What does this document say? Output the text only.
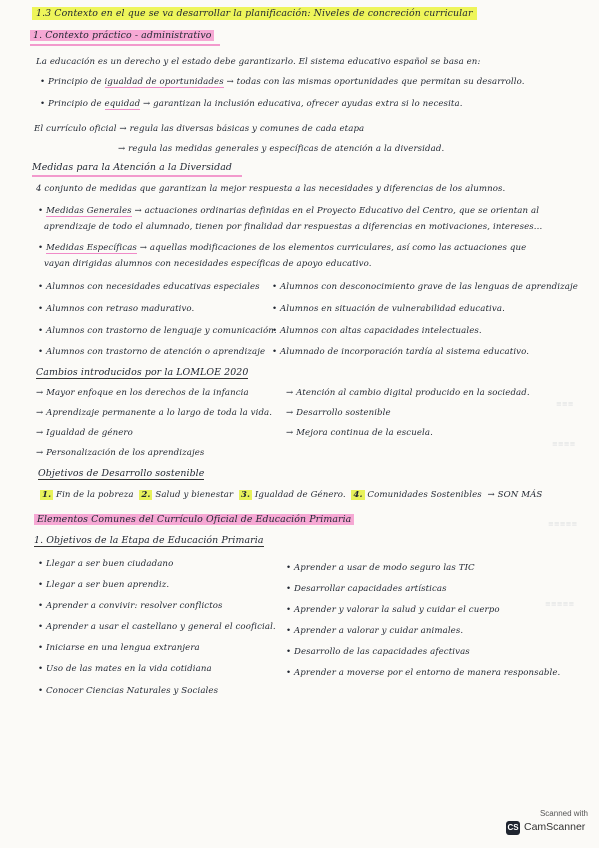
1.3 Contexto en el que se va desarrollar la planificación: Niveles de concreción curricular
1. Contexto práctico - administrativo
La educación es un derecho y el estado debe garantizarlo. El sistema educativo español se basa en:
• Principio de igualdad de oportunidades → todas con las mismas oportunidades que permitan su desarrollo.
• Principio de equidad → garantizan la inclusión educativa, ofrecer ayudas extra si lo necesita.
El currículo oficial → regula las diversas básicas y comunes de cada etapa
→ regula las medidas generales y específicas de atención a la diversidad.
Medidas para la Atención a la Diversidad
4 conjunto de medidas que garantizan la mejor respuesta a las necesidades y diferencias de los alumnos.
• Medidas Generales → actuaciones ordinarias definidas en el Proyecto Educativo del Centro, que se orientan al
aprendizaje de todo el alumnado, tienen por finalidad dar respuestas a diferencias en motivaciones, intereses...
• Medidas Específicas → aquellas modificaciones de los elementos curriculares, así como las actuaciones que
vayan dirigidas alumnos con necesidades específicas de apoyo educativo.
• Alumnos con necesidades educativas especiales
• Alumnos con retraso madurativo.
• Alumnos con trastorno de lenguaje y comunicación.
• Alumnos con trastorno de atención o aprendizaje
• Alumnos con desconocimiento grave de las lenguas de aprendizaje
• Alumnos en situación de vulnerabilidad educativa.
• Alumnos con altas capacidades intelectuales.
• Alumnado de incorporación tardía al sistema educativo.
Cambios introducidos por la LOMLOE 2020
→ Mayor enfoque en los derechos de la infancia
→ Aprendizaje permanente a lo largo de toda la vida.
→ Igualdad de género
→ Personalización de los aprendizajes
→ Atención al cambio digital producido en la sociedad.
→ Desarrollo sostenible
→ Mejora continua de la escuela.
Objetivos de Desarrollo sostenible
1. Fin de la pobreza 2. Salud y bienestar 3. Igualdad de Género. 4. Comunidades Sostenibles → SON MÁS
Elementos Comunes del Currículo Oficial de Educación Primaria
1. Objetivos de la Etapa de Educación Primaria
• Llegar a ser buen ciudadano
• Llegar a ser buen aprendiz.
• Aprender a convivir: resolver conflictos
• Aprender a usar el castellano y general el cooficial.
• Iniciarse en una lengua extranjera
• Uso de las mates en la vida cotidiana
• Conocer Ciencias Naturales y Sociales
• Aprender a usar de modo seguro las TIC
• Desarrollar capacidades artísticas
• Aprender y valorar la salud y cuidar el cuerpo
• Aprender a valorar y cuidar animales.
• Desarrollo de las capacidades afectivas
• Aprender a moverse por el entorno de manera responsable.
≡≡≡
≡≡≡≡
≡≡≡≡≡
≡≡≡≡≡
Scanned with
CS CamScanner
